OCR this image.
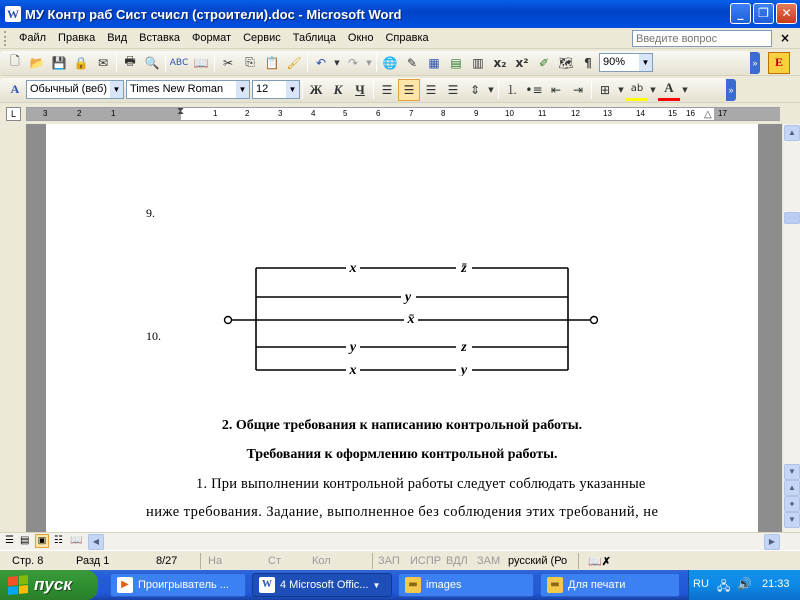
W МУ Контр раб Сист счисл (строители).doc - Microsoft Word	_	❐	✕
Файл	Правка	Вид	Вставка	Формат	Сервис	Таблица	Окно	Справка
Введите вопрос	×
🗋 📂 💾 🔒 ✉	🖶 🔍	ABC 📖	✂	⎘ 📋 🖌	↶	▼ ↷	▼ 🌐 ✎ ▦ ▤ ▥ x₂ x² ✐ 🗺 ¶	90%	▼	»	E
A Обычный (веб) ▼ Times New Roman	▼ 12	▼	Ж К Ч	☰ ☰ ☰ ☰ ⇕	▼	⒈ •≡ ⇤ ⇥	⊞	▼ ab	▼ А	▼	»
L	3	2	1	1	2	3	4	5	6	7	8	9	10	11	12	13	14	15 16	17
⧗	△
9.
10.
x	z̄
y
x̄
y	z
x	y
2. Общие требования к написанию контрольной работы.
Требования к оформлению контрольной работы.
1. При выполнении контрольной работы следует соблюдать указанные
ниже требования. Задание, выполненное без соблюдения этих требований, не
▲
▼
▲
●
▼
☰ ▤ ▣ ☷ 📖	◀	▶
Стр. 8	Разд 1	8/27	На	Ст	Кол	ЗАП ИСПР ВДЛ ЗАМ русский (Ро 📖✗
пуск	▶ Проигрыватель ...	W 4 Microsoft Offic... ▼	▬ images	▬ Для печати	RU 🖧 🔊 21:33
